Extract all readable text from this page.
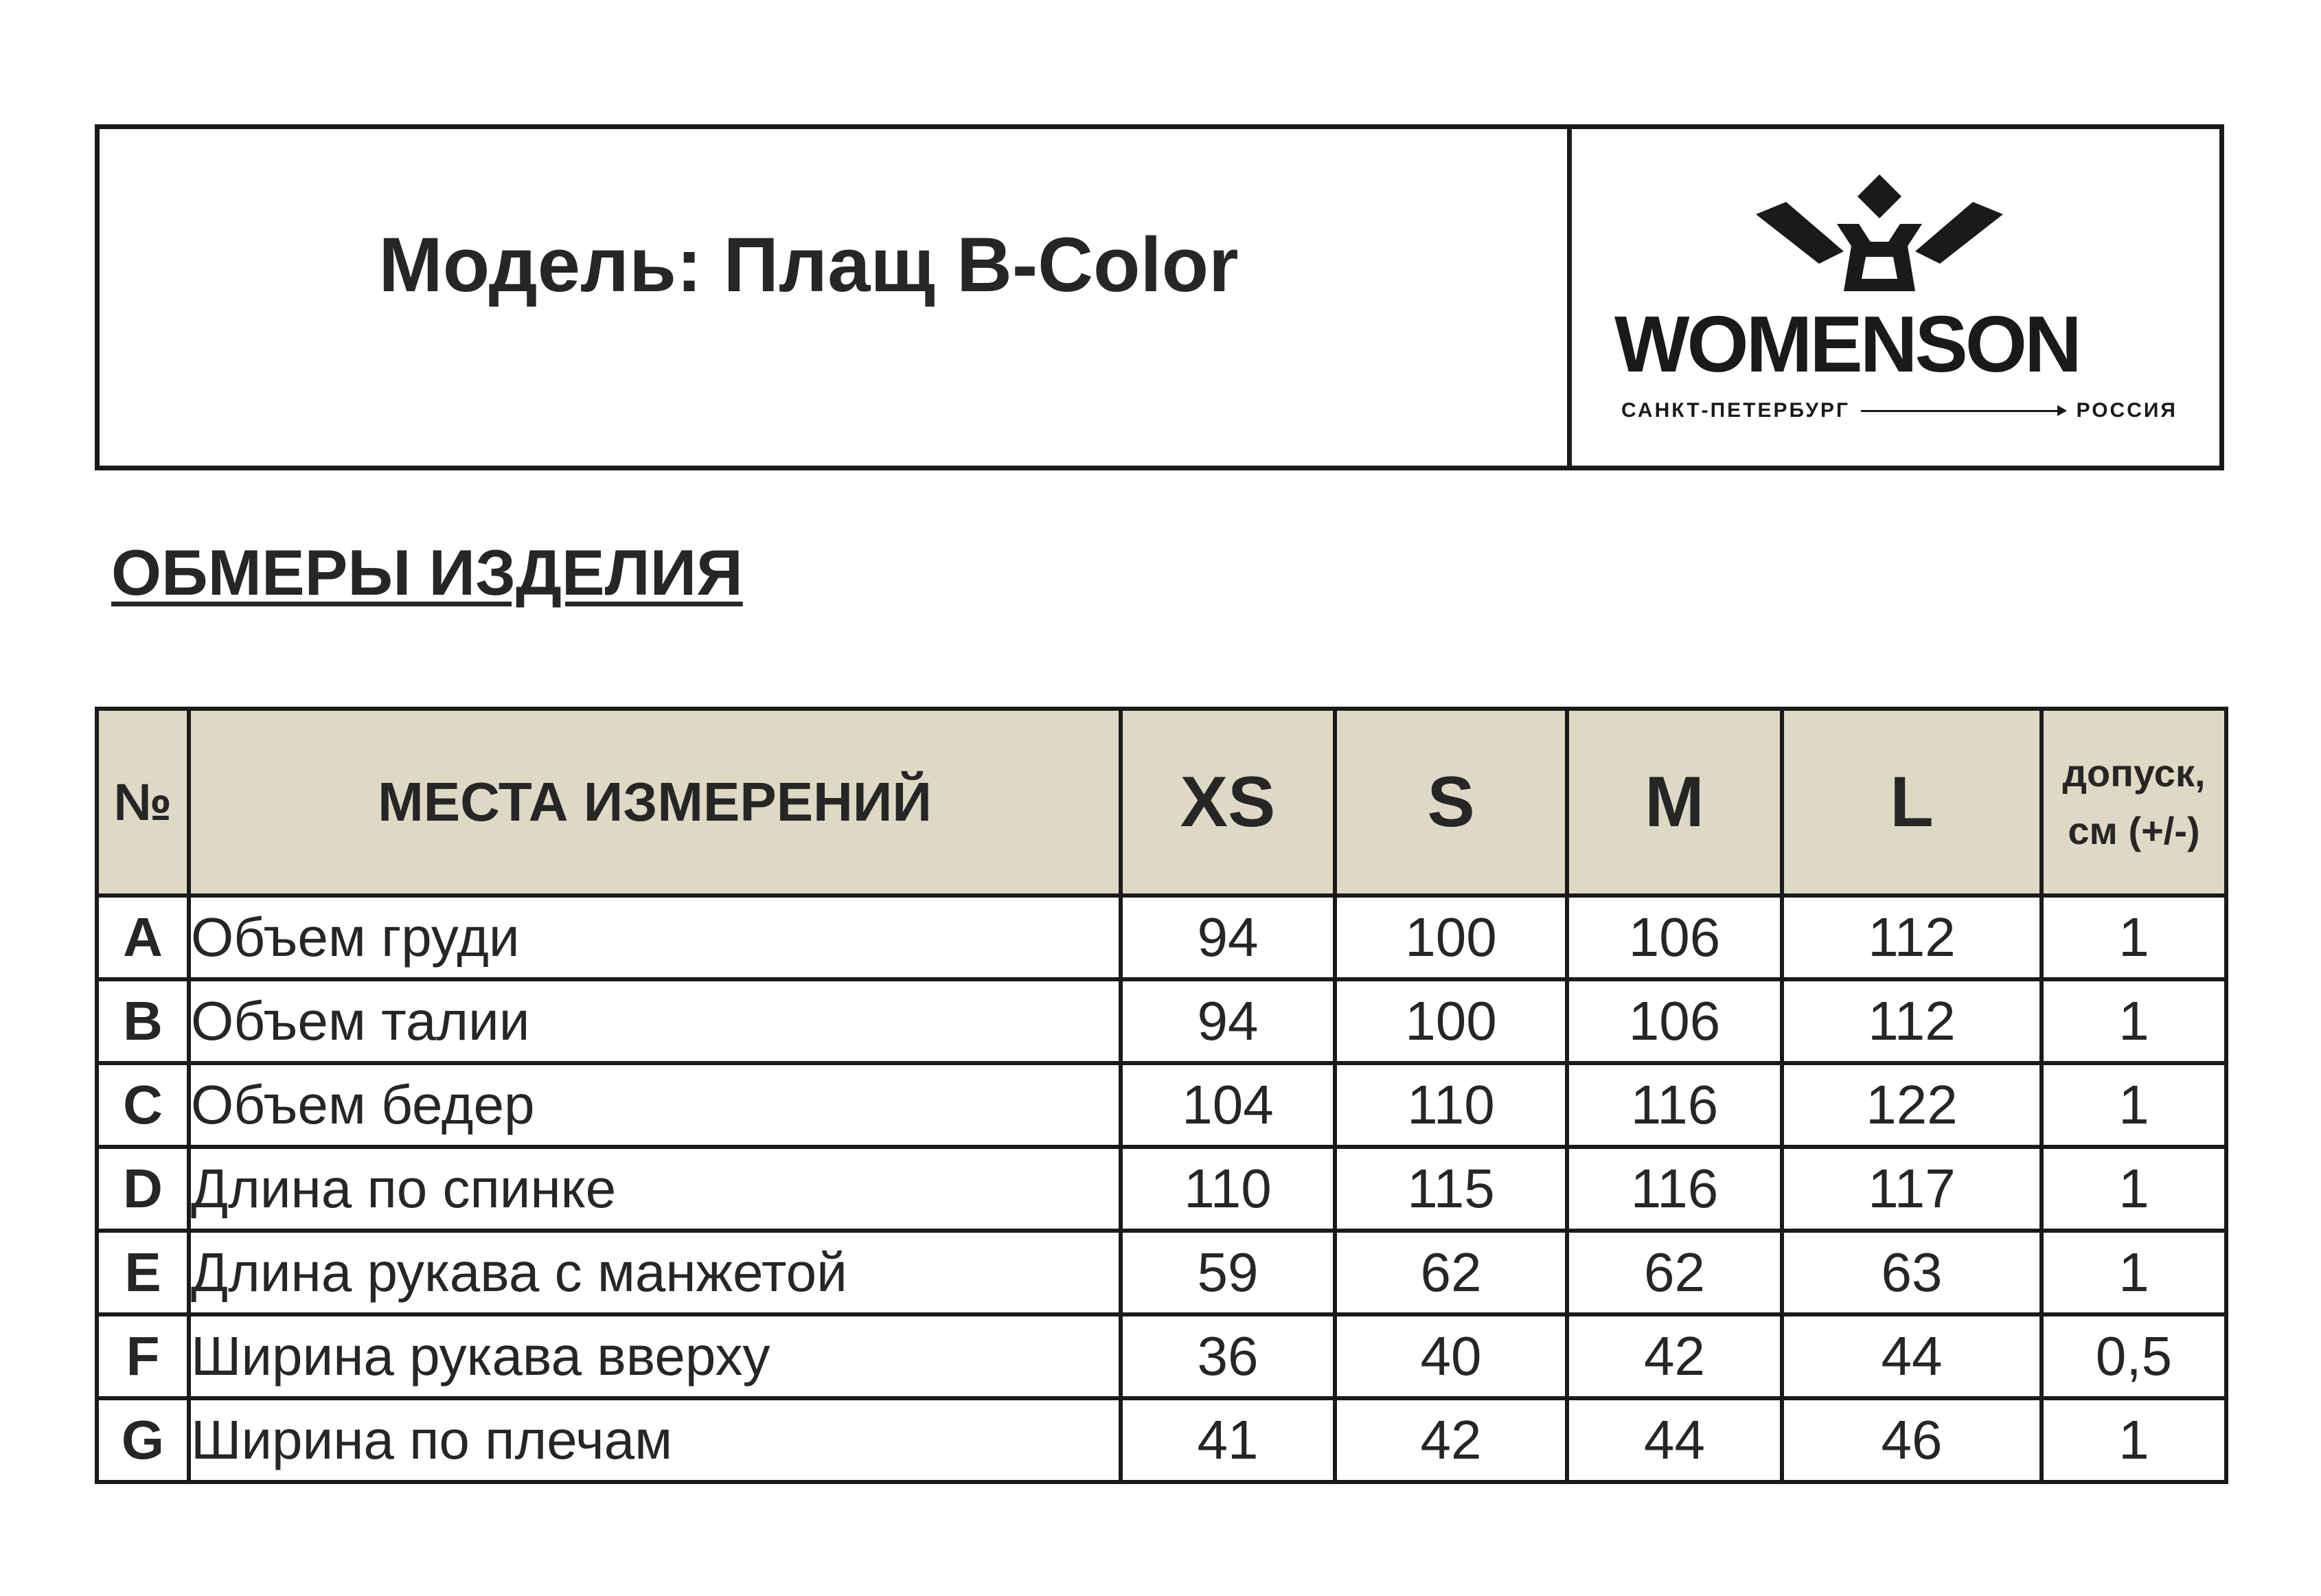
Модель: Плащ B-Color
WOMENSON
САНКТ-ПЕТЕРБУРГ	РОССИЯ
ОБМЕРЫ ИЗДЕЛИЯ
№	МЕСТА ИЗМЕРЕНИЙ	XS	S	M	L	допуск,
см (+/-)

A	Объем груди	94	100	106	112	1
B	Объем талии	94	100	106	112	1
C	Объем бедер	104	110	116	122	1
D	Длина по спинке	110	115	116	117	1
E	Длина рукава с манжетой	59	62	62	63	1
F	Ширина рукава вверху	36	40	42	44	0,5
G	Ширина по плечам	41	42	44	46	1
